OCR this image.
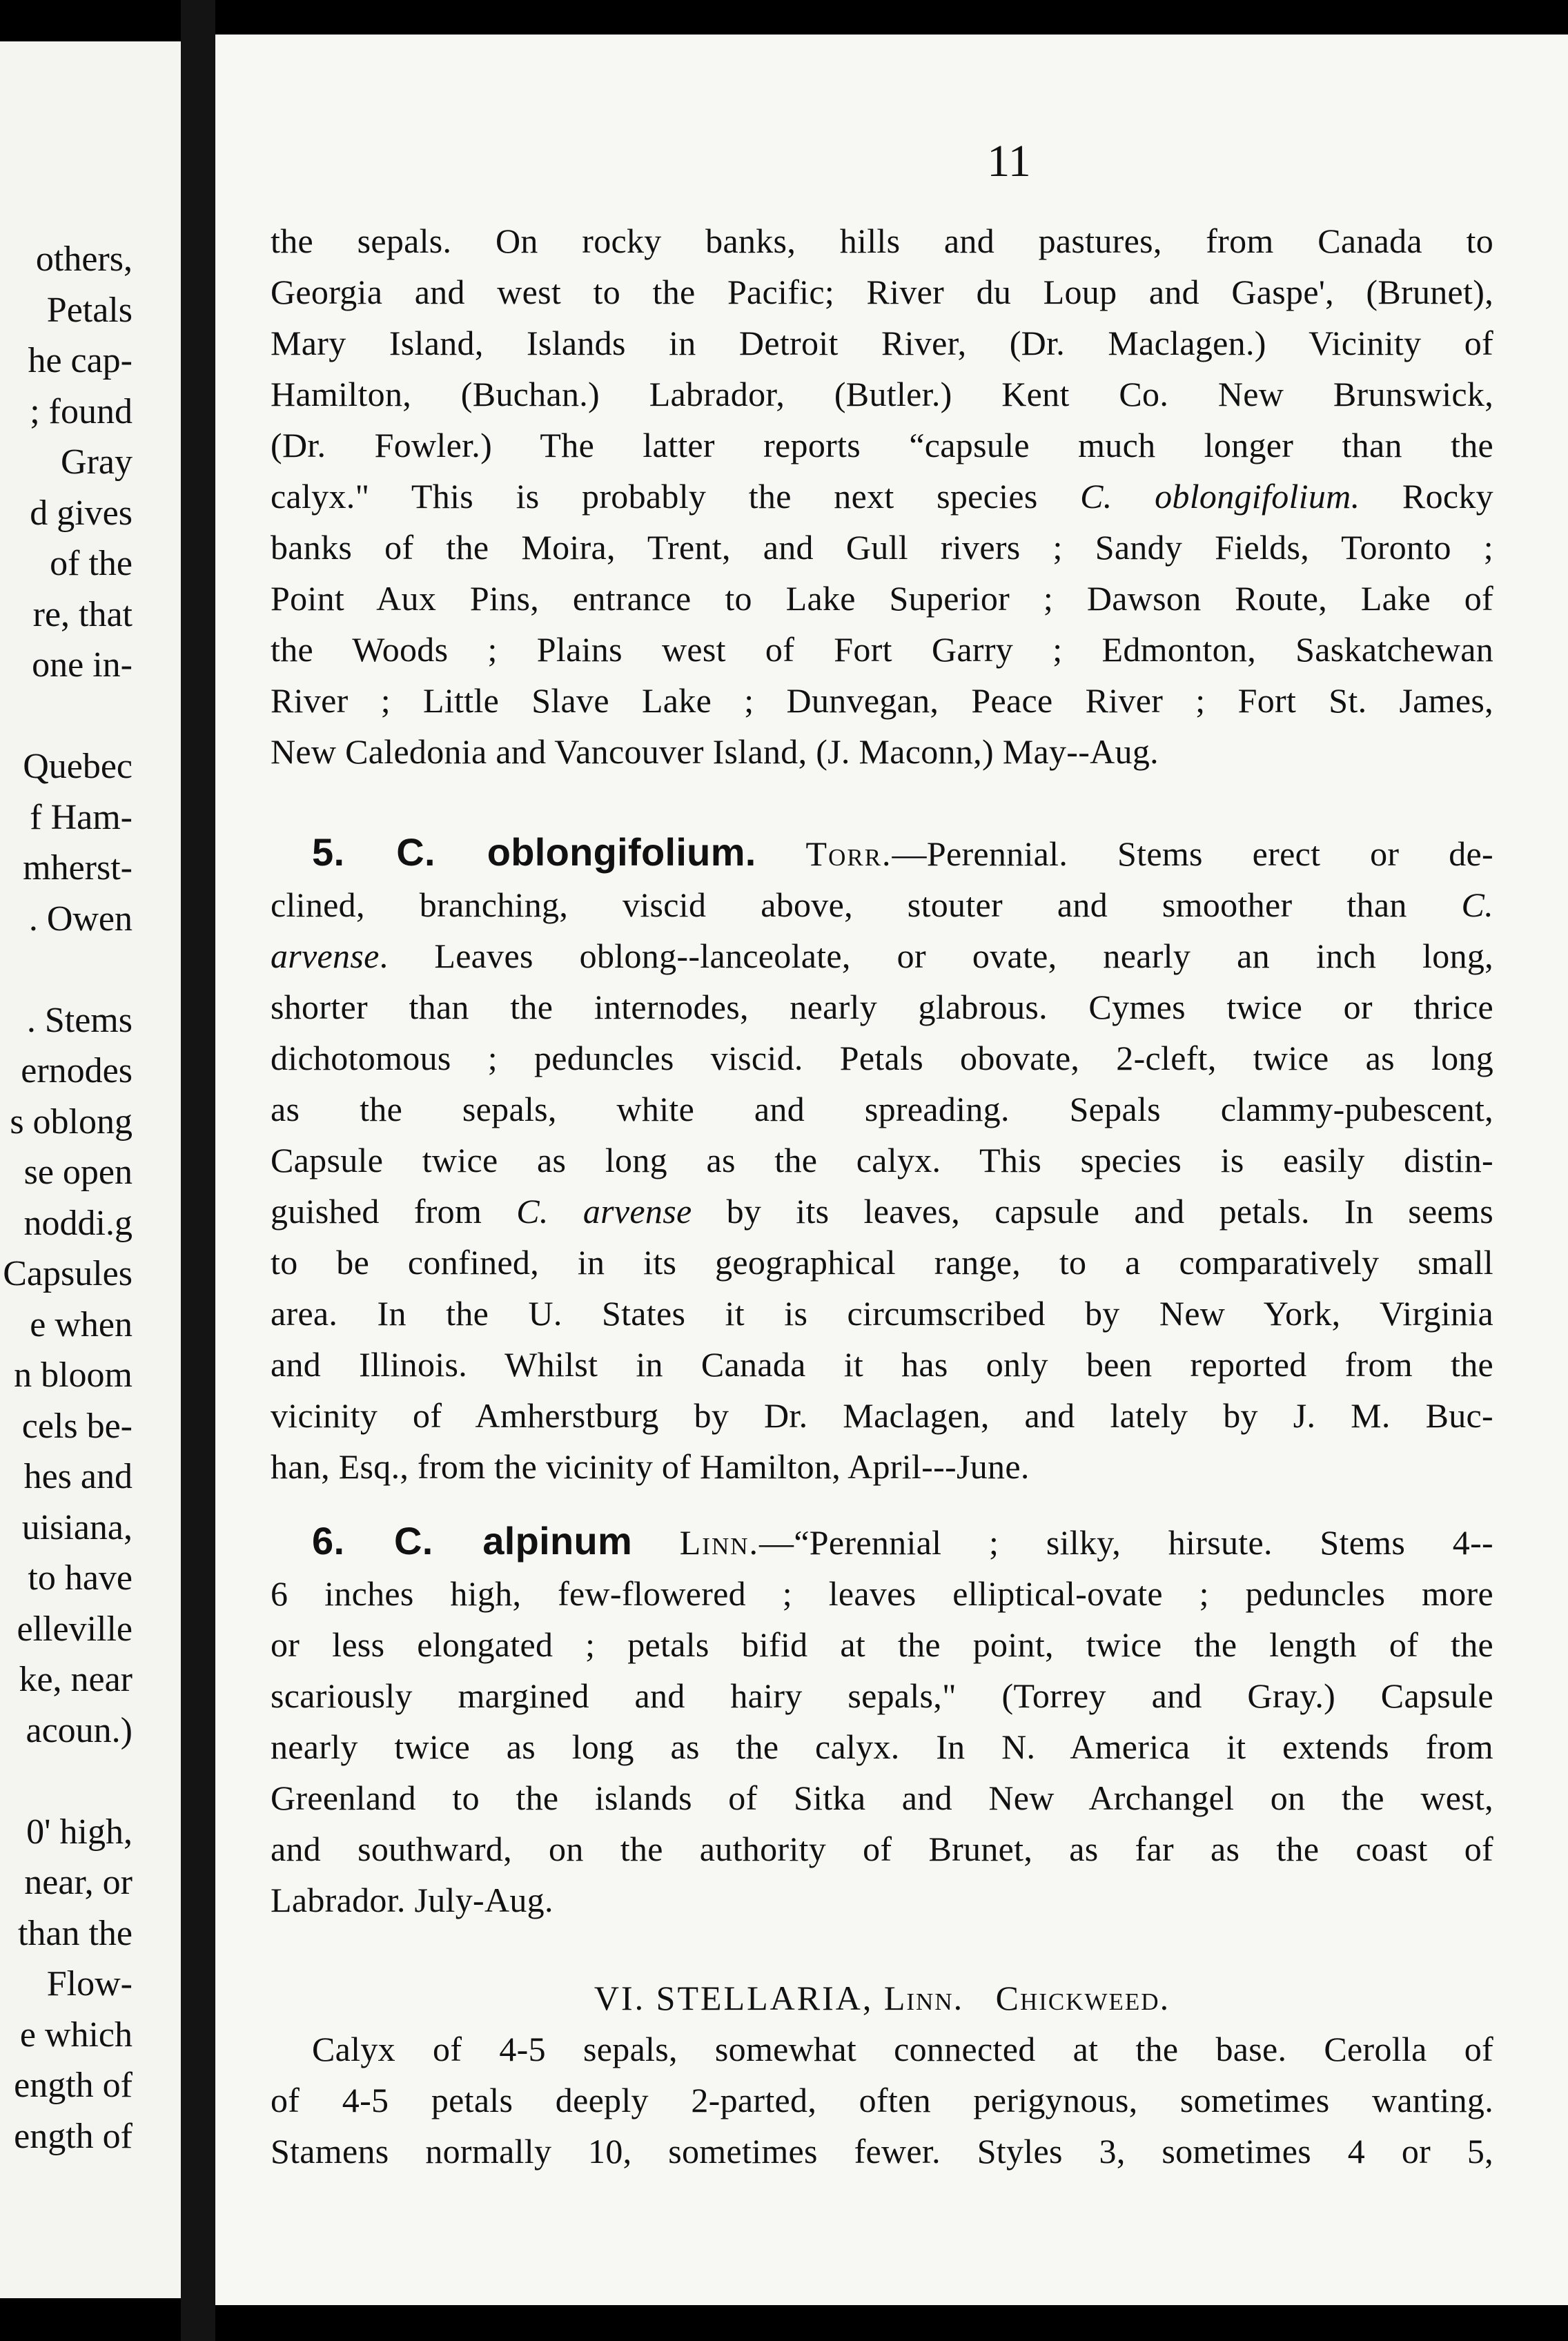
others,
Petals
he cap-
; found
Gray
d gives
of the
re, that
one in-
Quebec
f Ham-
mherst-
. Owen
. Stems
ernodes
s oblong
se open
noddi.g
Capsules
e when
n bloom
cels be-
hes and
uisiana,
to have
elleville
ke, near
acoun.)
0' high,
near, or
than the
Flow-
e which
ength of
ength of
11
the sepals. On rocky banks, hills and pastures, from Canada to
Georgia and west to the Pacific; River du Loup and Gaspe', (Brunet),
Mary Island, Islands in Detroit River, (Dr. Maclagen.) Vicinity of
Hamilton, (Buchan.) Labrador, (Butler.) Kent Co. New Brunswick,
(Dr. Fowler.) The latter reports “capsule much longer than the
calyx." This is probably the next species C. oblongifolium. Rocky
banks of the Moira, Trent, and Gull rivers ; Sandy Fields, Toronto ;
Point Aux Pins, entrance to Lake Superior ; Dawson Route, Lake of
the Woods ; Plains west of Fort Garry ; Edmonton, Saskatchewan
River ; Little Slave Lake ; Dunvegan, Peace River ; Fort St. James,
New Caledonia and Vancouver Island, (J. Maconn,) May--Aug.
5. C. oblongifolium. Torr.—Perennial. Stems erect or de-
clined, branching, viscid above, stouter and smoother than C.
arvense. Leaves oblong--lanceolate, or ovate, nearly an inch long,
shorter than the internodes, nearly glabrous. Cymes twice or thrice
dichotomous ; peduncles viscid. Petals obovate, 2-cleft, twice as long
as the sepals, white and spreading. Sepals clammy-pubescent,
Capsule twice as long as the calyx. This species is easily distin-
guished from C. arvense by its leaves, capsule and petals. In seems
to be confined, in its geographical range, to a comparatively small
area. In the U. States it is circumscribed by New York, Virginia
and Illinois. Whilst in Canada it has only been reported from the
vicinity of Amherstburg by Dr. Maclagen, and lately by J. M. Buc-
han, Esq., from the vicinity of Hamilton, April---June.
6. C. alpinum Linn.—“Perennial ; silky, hirsute. Stems 4--
6 inches high, few-flowered ; leaves elliptical-ovate ; peduncles more
or less elongated ; petals bifid at the point, twice the length of the
scariously margined and hairy sepals," (Torrey and Gray.) Capsule
nearly twice as long as the calyx. In N. America it extends from
Greenland to the islands of Sitka and New Archangel on the west,
and southward, on the authority of Brunet, as far as the coast of
Labrador. July-Aug.
VI. STELLARIA, Linn. Chickweed.
Calyx of 4-5 sepals, somewhat connected at the base. Cerolla of
of 4-5 petals deeply 2-parted, often perigynous, sometimes wanting.
Stamens normally 10, sometimes fewer. Styles 3, sometimes 4 or 5,
